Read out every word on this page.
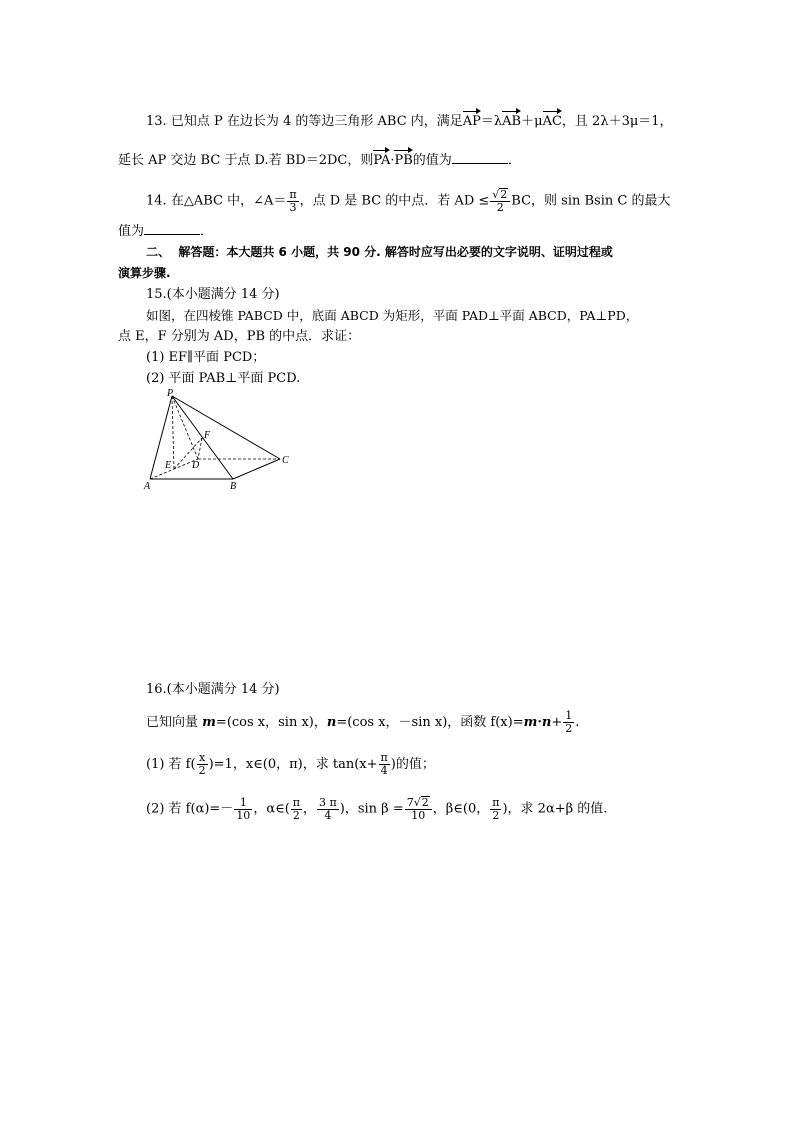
13. 已知点 P 在边长为 4 的等边三角形 ABC 内，满足AP＝λAB＋μAC，且 2λ＋3μ＝1，
延长 AP 交边 BC 于点 D.若 BD＝2DC，则PA·PB的值为	．
14. 在△ABC 中，∠A＝ $\frac{\pi}{3}$ ，点 D 是 BC 的中点．若 AD ≤ $\frac{√2}{2}$ BC，则 sin Bsin C 的最大
值为	．
二、 解答题：本大题共 6 小题，共 90 分. 解答时应写出必要的文字说明、证明过程或
演算步骤.
15.(本小题满分 14 分)
如图，在四棱锥 PABCD 中，底面 ABCD 为矩形，平面 PAD⊥平面 ABCD，PA⊥PD，
点 E，F 分别为 AD，PB 的中点．求证：
(1) EF∥平面 PCD；
(2) 平面 PAB⊥平面 PCD.
P
F
E D	C
A	B
16.(本小题满分 14 分)
已知向量 m=(cos x，sin x)，n=(cos x，－sin x)，函数 $f(x)=m\cdot n+ \frac{1}{2}$ .
(1) 若 $f( \frac{x}{2} )=1$，x∈(0，π)，求 $\tan(x+ \frac{\pi}{4}$ )的值；
(2) 若 $f(\alpha)=- \frac{1}{10}$ ，α∈( $\frac{\pi}{2}$ ， $\frac{3 \pi}{4}$ )，$\sin \beta = \frac{7√2}{10}$ ，β∈(0， $\frac{\pi}{2}$ )，求 2α+β 的值.
